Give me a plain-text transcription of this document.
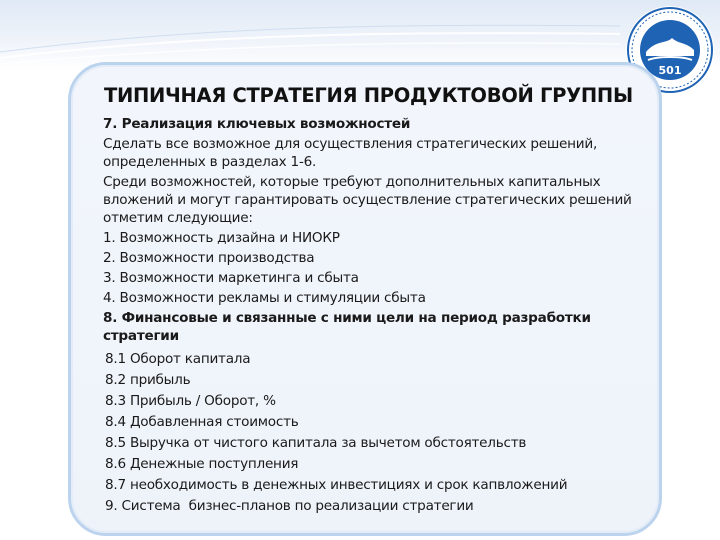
501
ТИПИЧНАЯ СТРАТЕГИЯ ПРОДУКТОВОЙ ГРУППЫ

7. Реализация ключевых возможностей

Сделать все возможное для осуществления стратегических решений, определенных в разделах 1-6.

Среди возможностей, которые требуют дополнительных капитальных вложений и могут гарантировать осуществление стратегических решений отметим следующие:

1. Возможность дизайна и НИОКР

2. Возможности производства

3. Возможности маркетинга и сбыта

4. Возможности рекламы и стимуляции сбыта

8. Финансовые и связанные с ними цели на период разработки стратегии

8.1 Оборот капитала

8.2 прибыль

8.3 Прибыль / Оборот, %

8.4 Добавленная стоимость

8.5 Выручка от чистого капитала за вычетом обстоятельств

8.6 Денежные поступления

8.7 необходимость в денежных инвестициях и срок капвложений

9. Система  бизнес-планов по реализации стратегии
